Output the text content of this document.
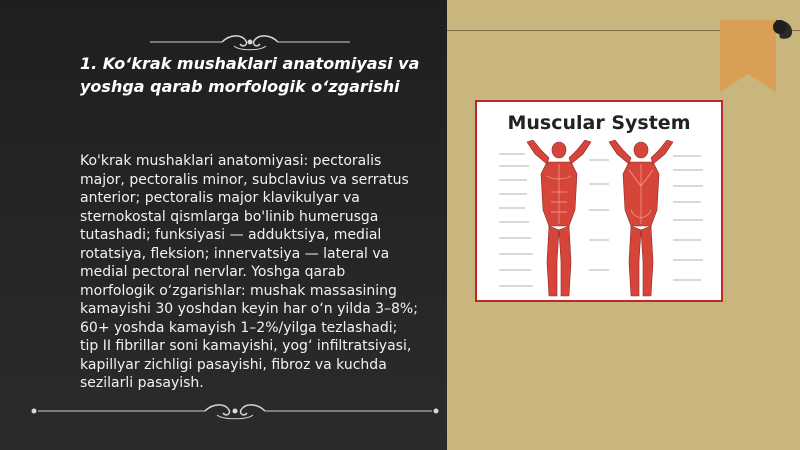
1. Ko‘krak mushaklari anatomiyasi va yoshga qarab morfologik o‘zgarishi
Ko'krak mushaklari anatomiyasi: pectoralis major, pectoralis minor, subclavius va serratus anterior; pectoralis major klavikulyar va sternokostal qismlarga bo'linib humerusga tutashadi; funksiyasi — adduktsiya, medial rotatsiya, fleksion; innervatsiya — lateral va medial pectoral nervlar. Yoshga qarab morfologik o‘zgarishlar: mushak massasining kamayishi 30 yoshdan keyin har o‘n yilda 3–8%; 60+ yoshda kamayish 1–2%/yilga tezlashadi; tip II fibrillar soni kamayishi, yog‘ infiltratsiyasi, kapillyar zichligi pasayishi, fibroz va kuchda sezilarli pasayish.
Muscular System
